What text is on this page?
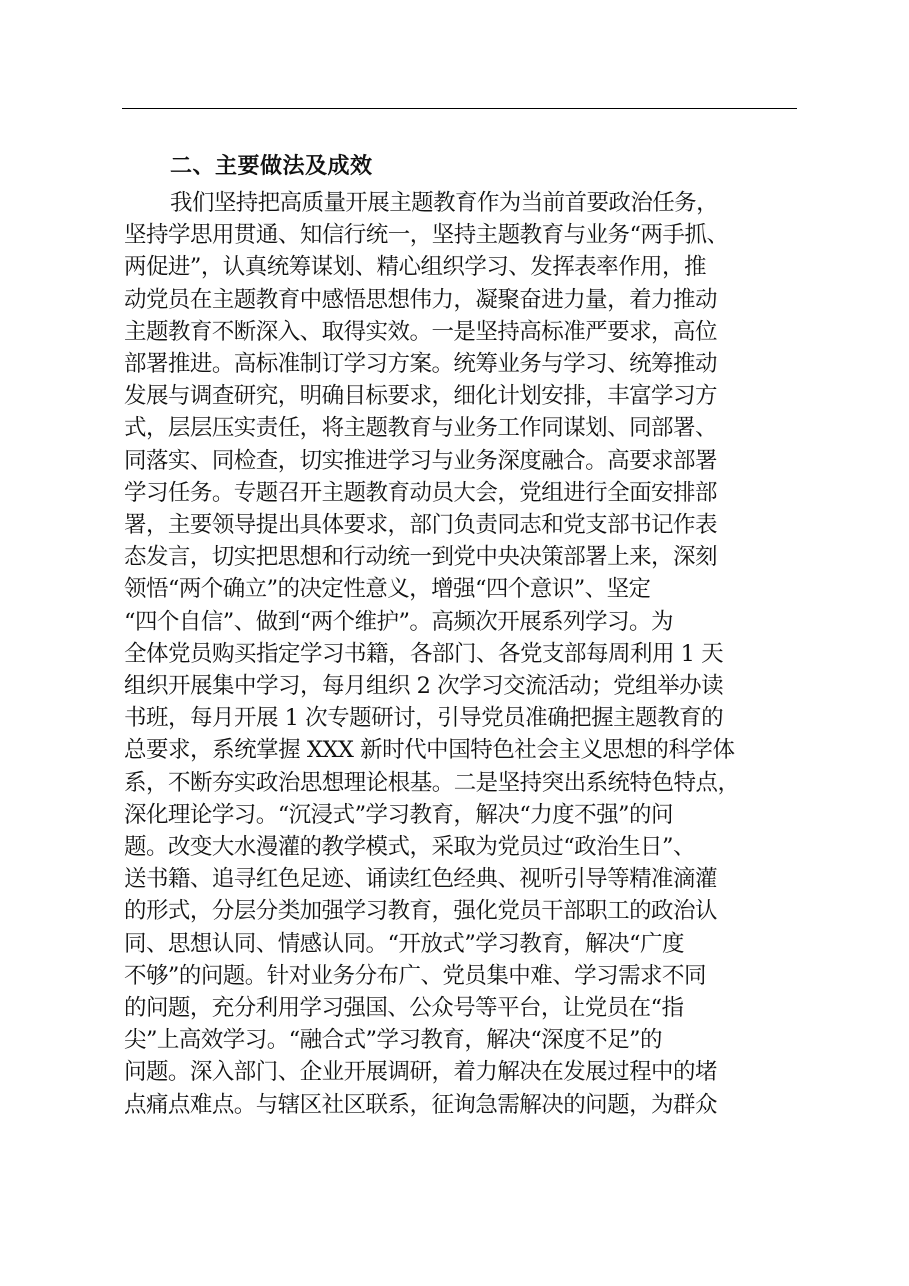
二、主要做法及成效
我们坚持把高质量开展主题教育作为当前首要政治任务，
坚持学思用贯通、知信行统一，坚持主题教育与业务“两手抓、
两促进”，认真统筹谋划、精心组织学习、发挥表率作用，推
动党员在主题教育中感悟思想伟力，凝聚奋进力量，着力推动
主题教育不断深入、取得实效。一是坚持高标准严要求，高位
部署推进。高标准制订学习方案。统筹业务与学习、统筹推动
发展与调查研究，明确目标要求，细化计划安排，丰富学习方
式，层层压实责任，将主题教育与业务工作同谋划、同部署、
同落实、同检查，切实推进学习与业务深度融合。高要求部署
学习任务。专题召开主题教育动员大会，党组进行全面安排部
署，主要领导提出具体要求，部门负责同志和党支部书记作表
态发言，切实把思想和行动统一到党中央决策部署上来，深刻
领悟“两个确立”的决定性意义，增强“四个意识”、坚定
“四个自信”、做到“两个维护”。高频次开展系列学习。为
全体党员购买指定学习书籍，各部门、各党支部每周利用 1 天
组织开展集中学习，每月组织 2 次学习交流活动；党组举办读
书班，每月开展 1 次专题研讨，引导党员准确把握主题教育的
总要求，系统掌握 XXX 新时代中国特色社会主义思想的科学体
系，不断夯实政治思想理论根基。二是坚持突出系统特色特点，
深化理论学习。“沉浸式”学习教育，解决“力度不强”的问
题。改变大水漫灌的教学模式，采取为党员过“政治生日”、
送书籍、追寻红色足迹、诵读红色经典、视听引导等精准滴灌
的形式，分层分类加强学习教育，强化党员干部职工的政治认
同、思想认同、情感认同。“开放式”学习教育，解决“广度
不够”的问题。针对业务分布广、党员集中难、学习需求不同
的问题，充分利用学习强国、公众号等平台，让党员在“指
尖”上高效学习。“融合式”学习教育，解决“深度不足”的
问题。深入部门、企业开展调研，着力解决在发展过程中的堵
点痛点难点。与辖区社区联系，征询急需解决的问题，为群众
